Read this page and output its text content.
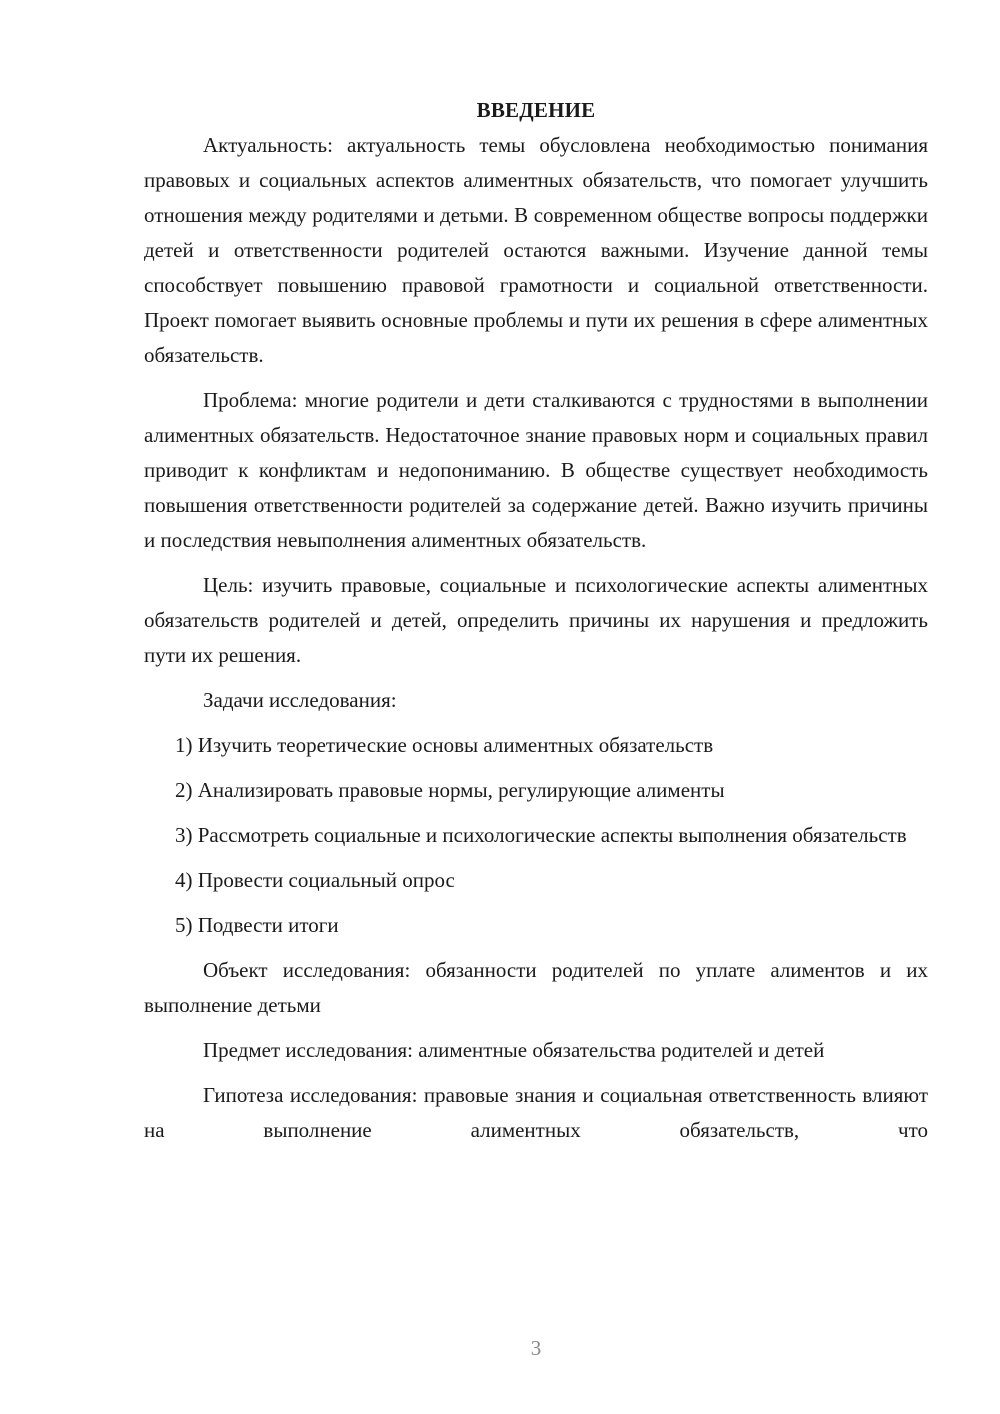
ВВЕДЕНИЕ

Актуальность: актуальность темы обусловлена необходимостью понимания правовых и социальных аспектов алиментных обязательств, что помогает улучшить отношения между родителями и детьми. В современном обществе вопросы поддержки детей и ответственности родителей остаются важными. Изучение данной темы способствует повышению правовой грамотности и социальной ответственности. Проект помогает выявить основные проблемы и пути их решения в сфере алиментных обязательств.

Проблема: многие родители и дети сталкиваются с трудностями в выполнении алиментных обязательств. Недостаточное знание правовых норм и социальных правил приводит к конфликтам и недопониманию. В обществе существует необходимость повышения ответственности родителей за содержание детей. Важно изучить причины и последствия невыполнения алиментных обязательств.

Цель: изучить правовые, социальные и психологические аспекты алиментных обязательств родителей и детей, определить причины их нарушения и предложить пути их решения.

Задачи исследования:

1) Изучить теоретические основы алиментных обязательств

2) Анализировать правовые нормы, регулирующие алименты

3) Рассмотреть социальные и психологические аспекты выполнения обязательств

4) Провести социальный опрос

5) Подвести итоги

Объект исследования: обязанности родителей по уплате алиментов и их выполнение детьми

Предмет исследования: алиментные обязательства родителей и детей

Гипотеза исследования: правовые знания и социальная ответственность влияют на выполнение алиментных обязательств, что

3
